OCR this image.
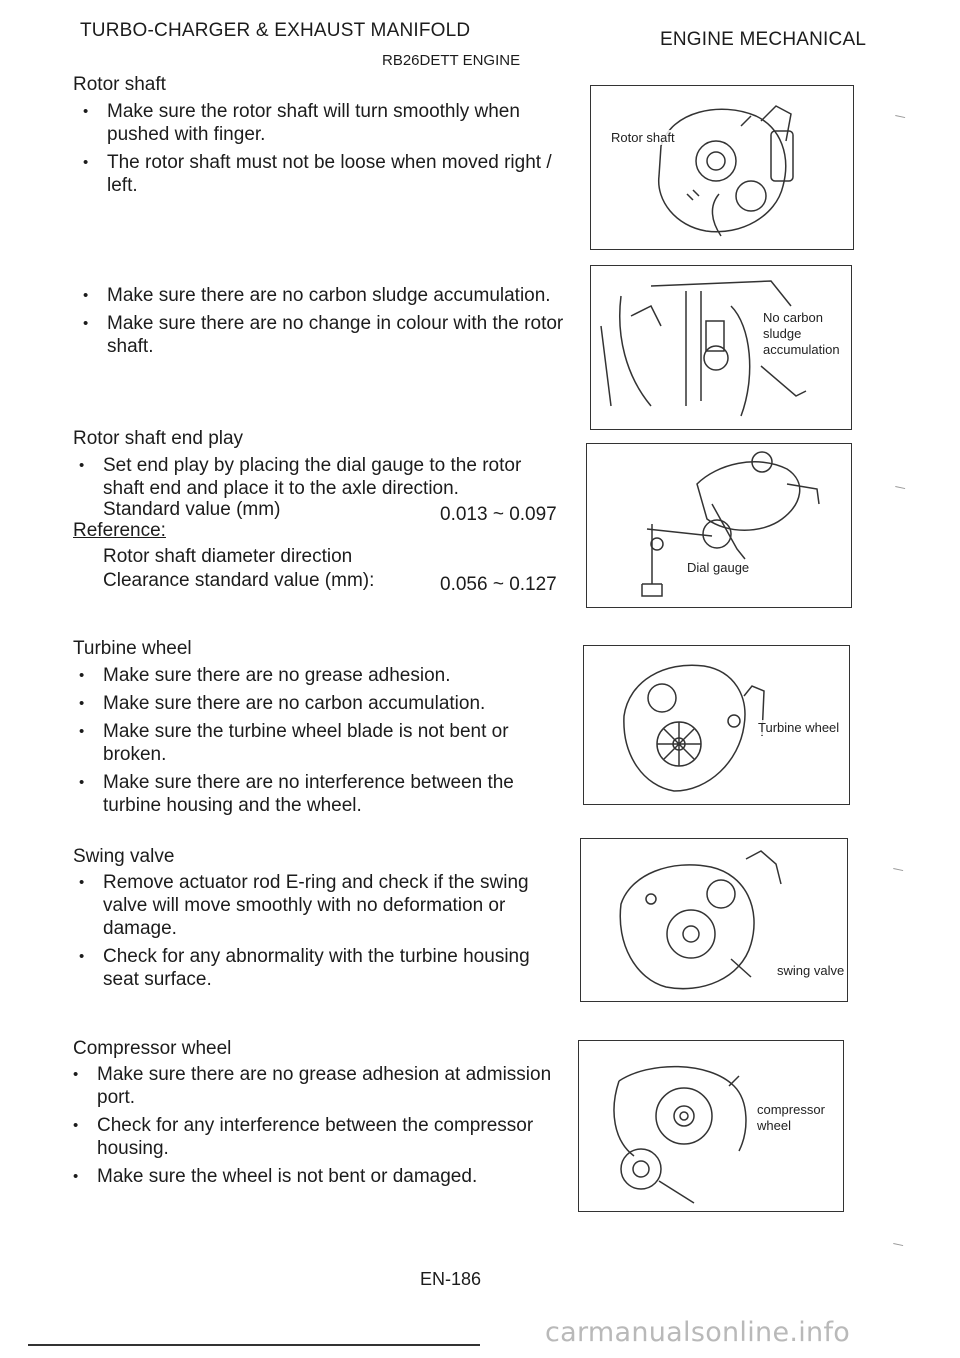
TURBO-CHARGER & EXHAUST MANIFOLD	ENGINE MECHANICAL
RB26DETT ENGINE
Rotor shaft
• Make sure the rotor shaft will turn smoothly when pushed with finger.
• The rotor shaft must not be loose when moved right / left.
Rotor shaft
• Make sure there are no carbon sludge accumulation.
• Make sure there are no change in colour with the rotor shaft.
No carbon
sludge
accumulation
Rotor shaft end play
• Set end play by placing the dial gauge to the rotor shaft end and place it to the axle direction.
Standard value (mm)	0.013 ~ 0.097
Reference:
Rotor shaft diameter direction
Clearance standard value (mm):	0.056 ~ 0.127
Dial gauge
Turbine wheel
• Make sure there are no grease adhesion.
• Make sure there are no carbon accumulation.
• Make sure the turbine wheel blade is not bent or broken.
• Make sure there are no interference between the turbine housing and the wheel.
Turbine wheel
Swing valve
• Remove actuator rod E-ring and check if the swing valve will move smoothly with no deformation or damage.
• Check for any abnormality with the turbine housing seat surface.	swing valve
Compressor wheel
• Make sure there are no grease adhesion at admission port.
• Check for any interference between the compressor housing.
• Make sure the wheel is not bent or damaged.
compressor
wheel
EN-186
carmanualsonline.info
